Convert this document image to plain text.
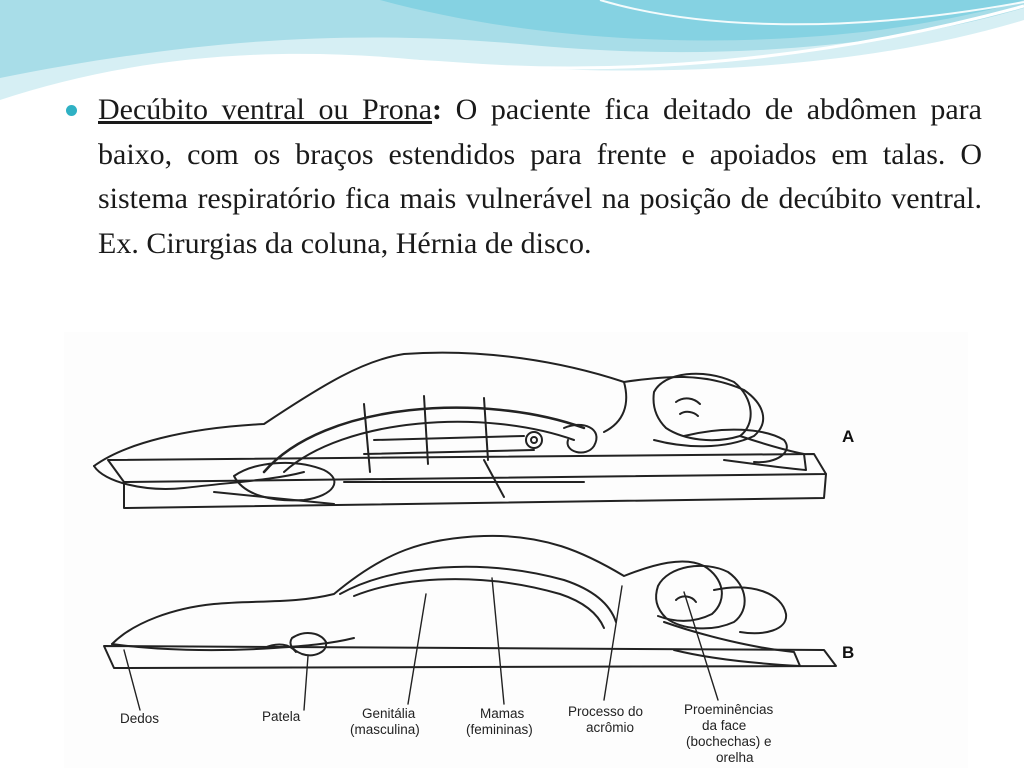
Decúbito ventral ou Prona: O paciente fica deitado de abdômen para baixo, com os braços estendidos para frente e apoiados em talas. O sistema respiratório fica mais vulnerável na posição de decúbito ventral. Ex. Cirurgias da coluna, Hérnia de disco.
A
B
Dedos	Patela	Genitália
(masculina)
Mamas
(femininas)
Processo do
acrômio
Proeminências
da face
(bochechas) e
orelha
